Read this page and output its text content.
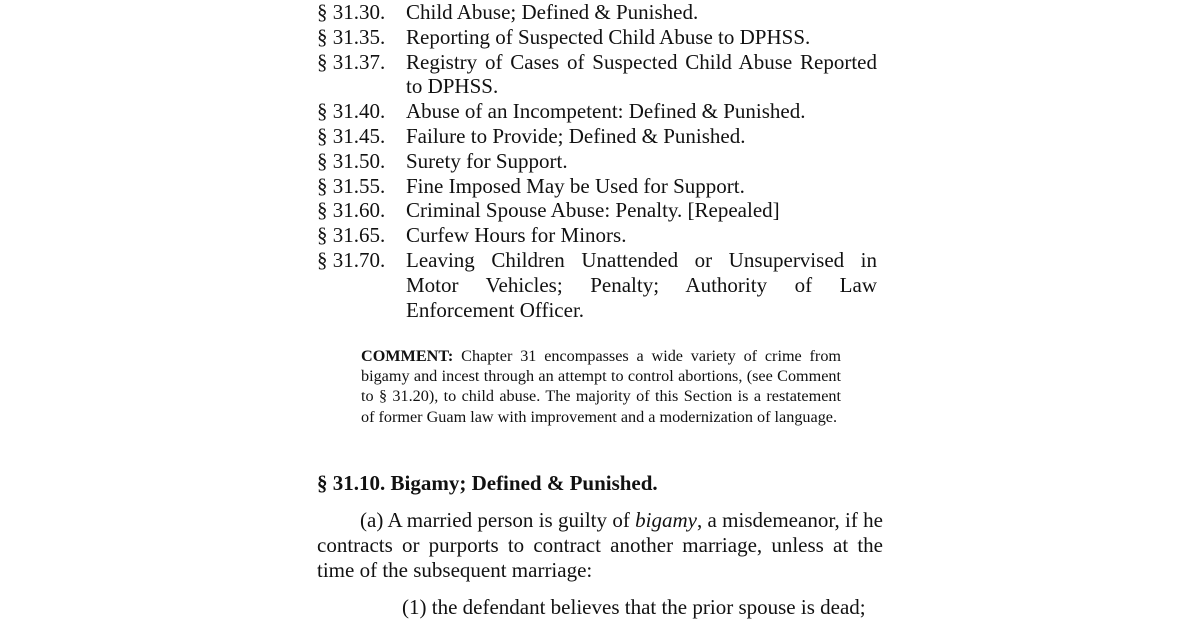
§ 31.30. Child Abuse; Defined & Punished.
§ 31.35. Reporting of Suspected Child Abuse to DPHSS.
§ 31.37. Registry of Cases of Suspected Child Abuse Reported to DPHSS.
§ 31.40. Abuse of an Incompetent: Defined & Punished.
§ 31.45. Failure to Provide; Defined & Punished.
§ 31.50. Surety for Support.
§ 31.55. Fine Imposed May be Used for Support.
§ 31.60. Criminal Spouse Abuse: Penalty. [Repealed]
§ 31.65. Curfew Hours for Minors.
§ 31.70. Leaving Children Unattended or Unsupervised in Motor Vehicles; Penalty; Authority of Law Enforcement Officer.
COMMENT: Chapter 31 encompasses a wide variety of crime from bigamy and incest through an attempt to control abortions, (see Comment to § 31.20), to child abuse. The majority of this Section is a restatement of former Guam law with improvement and a modernization of language.
§ 31.10. Bigamy; Defined & Punished.
(a) A married person is guilty of bigamy, a misdemeanor, if he contracts or purports to contract another marriage, unless at the time of the subsequent marriage:
(1) the defendant believes that the prior spouse is dead;
